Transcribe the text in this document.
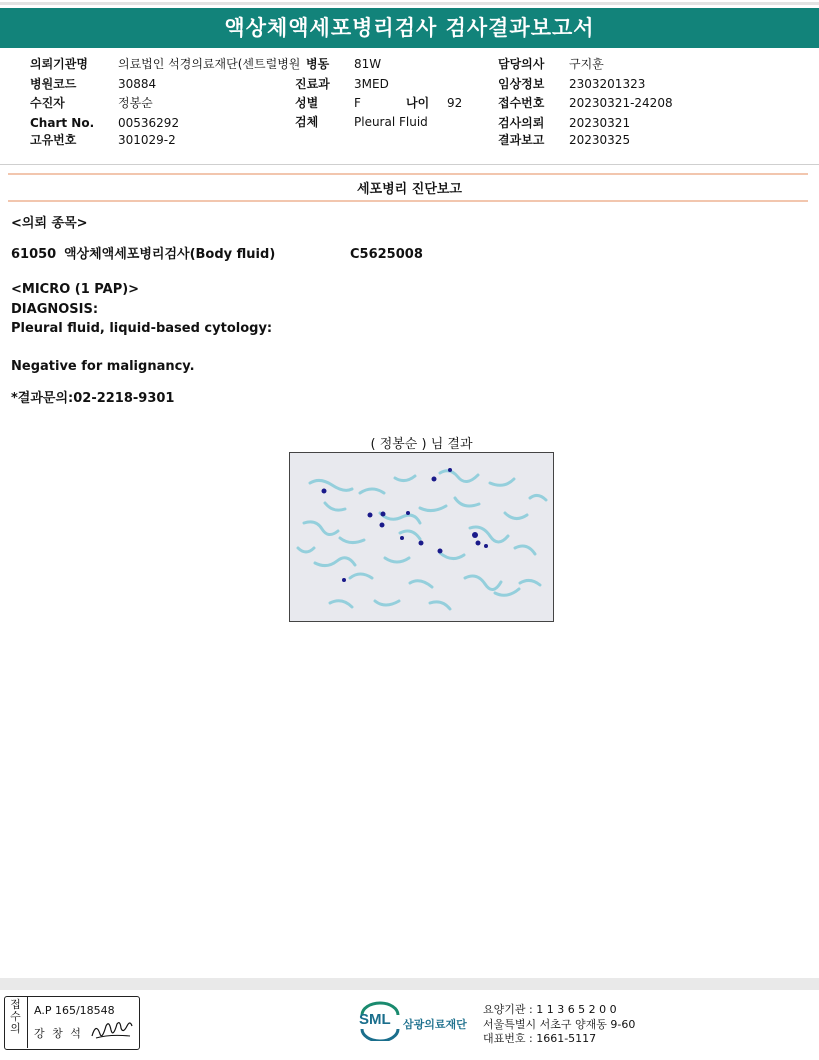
액상체액세포병리검사 검사결과보고서
의뢰기관명	의료법인 석경의료재단(센트럴병원 병동 81W	담당의사 구지훈
병원코드	30884	진료과 3MED	임상정보 2303201323
수진자	정봉순	성별	F	나이 92	접수번호 20230321-24208
Chart No. 00536292	검체	Pleural Fluid	검사의뢰 20230321
고유번호	301029-2	결과보고 20230325
세포병리 진단보고
<의뢰 종목>
61050 액상체액세포병리검사(Body fluid)	C5625008
<MICRO (1 PAP)>
DIAGNOSIS:
Pleural fluid, liquid-based cytology:
Negative for malignancy.
*결과문의:02-2218-9301
( 정봉순 ) 님 결과
접수의
A.P 165/18548
강 창 석
SML 삼광의료재단
요양기관 : 1 1 3 6 5 2 0 0
서울특별시 서초구 양재동 9-60
대표번호 : 1661-5117
